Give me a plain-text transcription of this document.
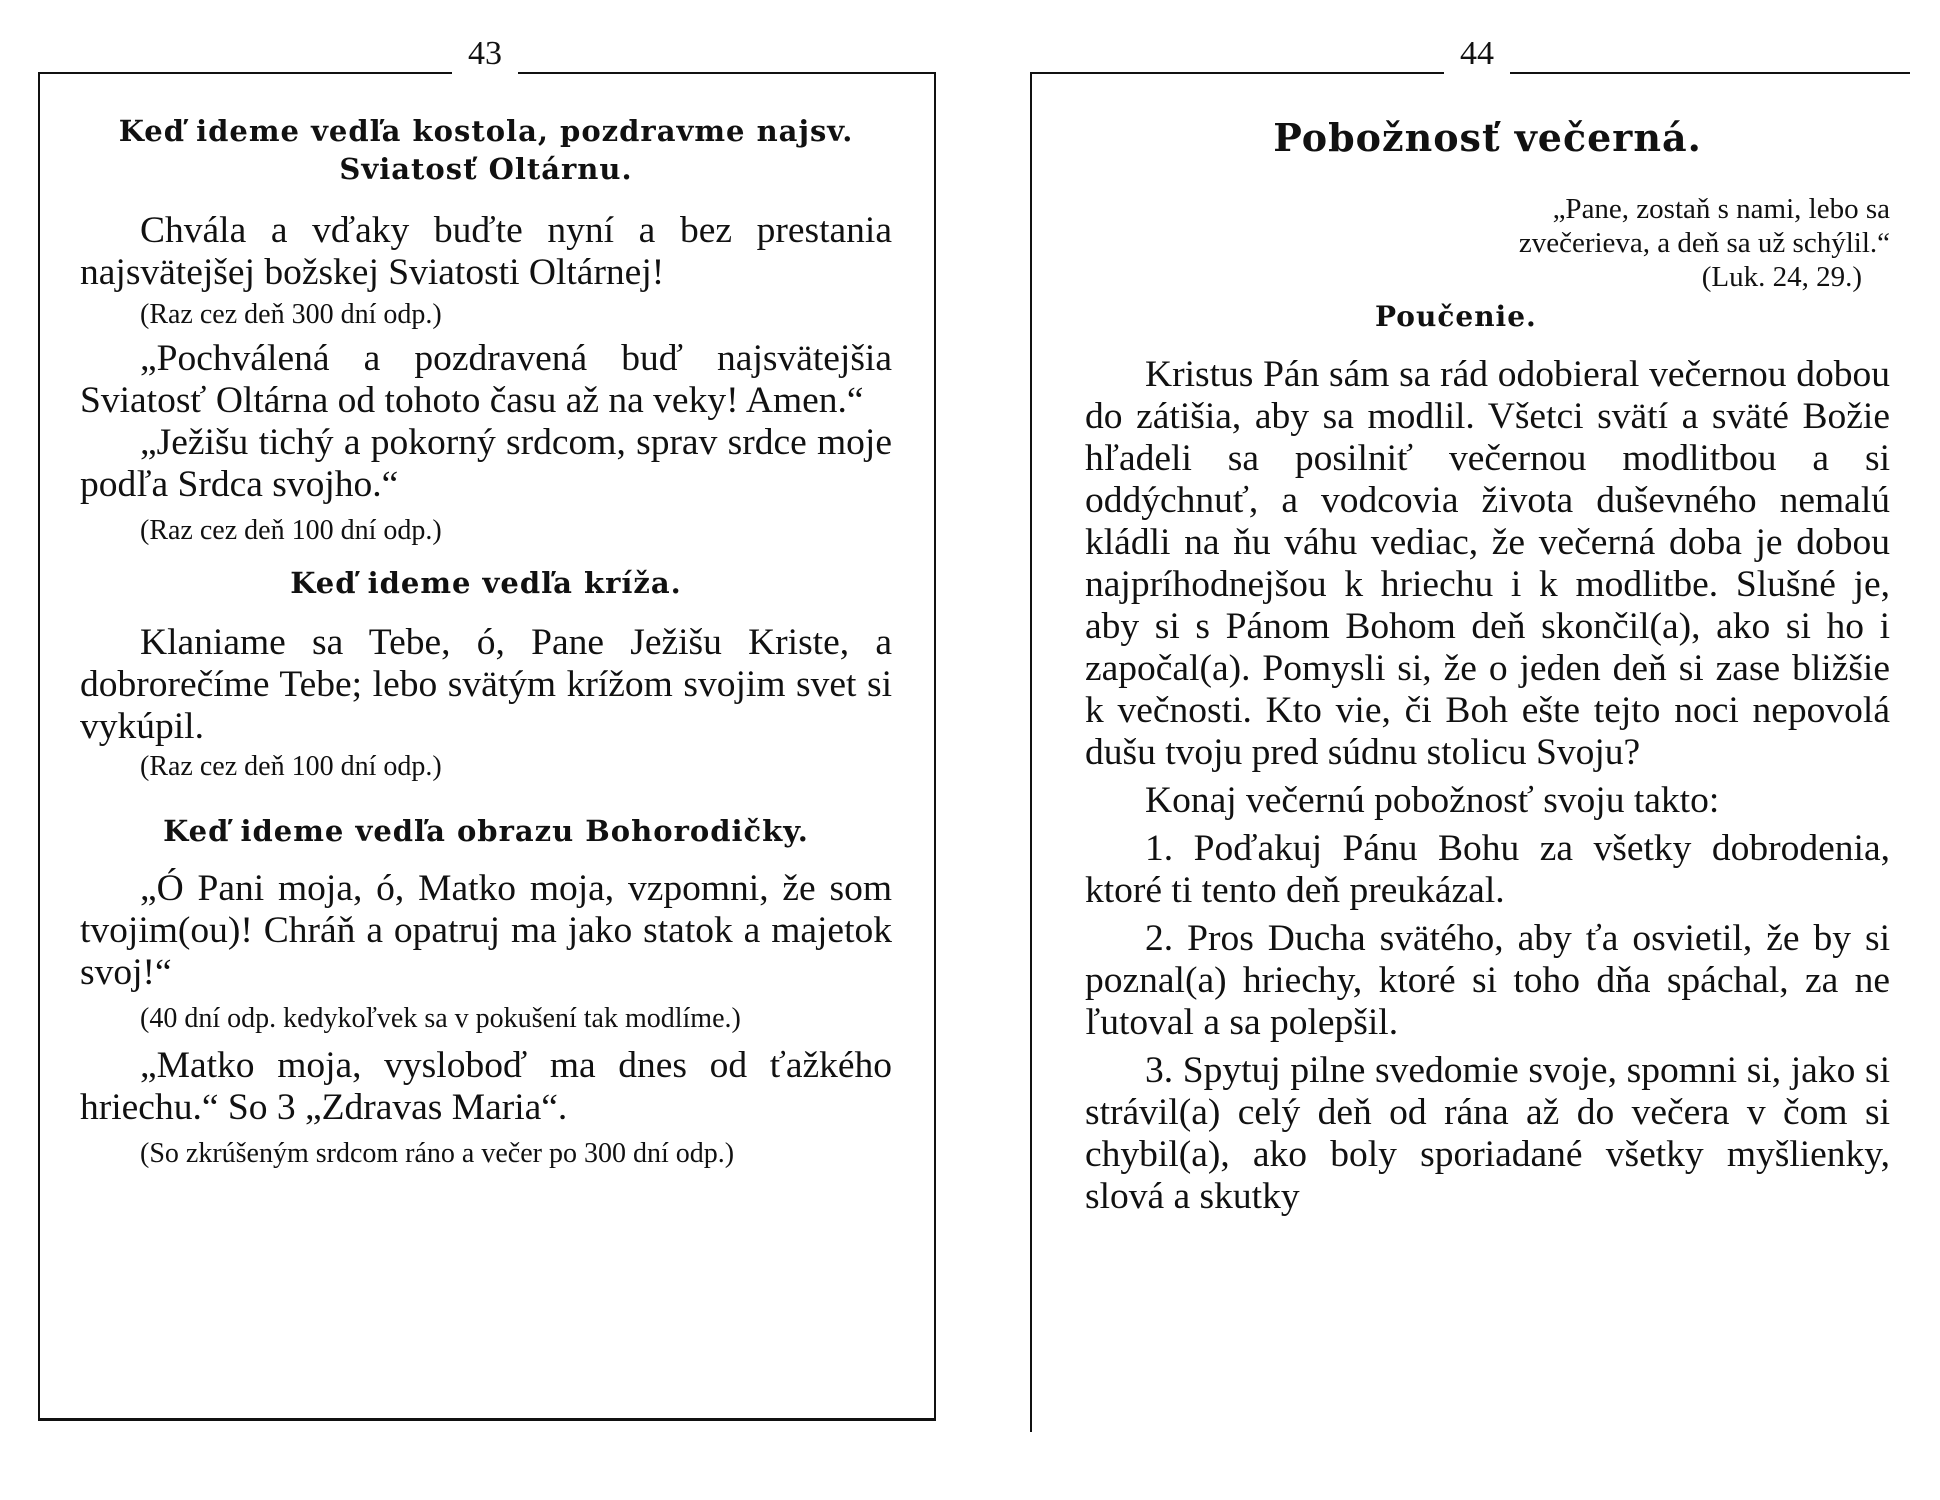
43
Keď ideme vedľa kostola, pozdravme najsv. Sviatosť Oltárnu.

Chvála a vďaky buďte nyní a bez prestania najsvätejšej božskej Sviatosti Oltárnej!

(Raz cez deň 300 dní odp.)

„Pochválená a pozdravená buď najsvätejšia Sviatosť Oltárna od tohoto času až na veky! Amen.“

„Ježišu tichý a pokorný srdcom, sprav srdce moje podľa Srdca svojho.“

(Raz cez deň 100 dní odp.)

Keď ideme vedľa kríža.

Klaniame sa Tebe, ó, Pane Ježišu Kriste, a dobrorečíme Tebe; lebo svätým krížom svojim svet si vykúpil.

(Raz cez deň 100 dní odp.)

Keď ideme vedľa obrazu Bohorodičky.

„Ó Pani moja, ó, Matko moja, vzpomni, že som tvojim(ou)! Chráň a opatruj ma jako statok a majetok svoj!“

(40 dní odp. kedykoľvek sa v pokušení tak modlíme.)

„Matko moja, vysloboď ma dnes od ťažkého hriechu.“ So 3 „Zdravas Maria“.

(So zkrúšeným srdcom ráno a večer po 300 dní odp.)

44
Pobožnosť večerná.

„Pane, zostaň s nami, lebo sa

zvečerieva, a deň sa už schýlil.“

(Luk. 24, 29.)

Poučenie.

Kristus Pán sám sa rád odobieral večernou dobou do zátišia, aby sa modlil. Všetci svätí a sväté Božie hľadeli sa posilniť večernou modlitbou a si oddýchnuť, a vodcovia života duševného nemalú kládli na ňu váhu vediac, že večerná doba je dobou najpríhodnejšou k hriechu i k modlitbe. Slušné je, aby si s Pánom Bohom deň skončil(a), ako si ho i započal(a). Pomysli si, že o jeden deň si zase bližšie k večnosti. Kto vie, či Boh ešte tejto noci nepovolá dušu tvoju pred súdnu stolicu Svoju?

Konaj večernú pobožnosť svoju takto:

1. Poďakuj Pánu Bohu za všetky dobrodenia, ktoré ti tento deň preukázal.

2. Pros Ducha svätého, aby ťa osvietil, že by si poznal(a) hriechy, ktoré si toho dňa spáchal, za ne ľutoval a sa polepšil.

3. Spytuj pilne svedomie svoje, spomni si, jako si strávil(a) celý deň od rána až do večera v čom si chybil(a), ako boly sporiadané všetky myšlienky, slová a skutky
